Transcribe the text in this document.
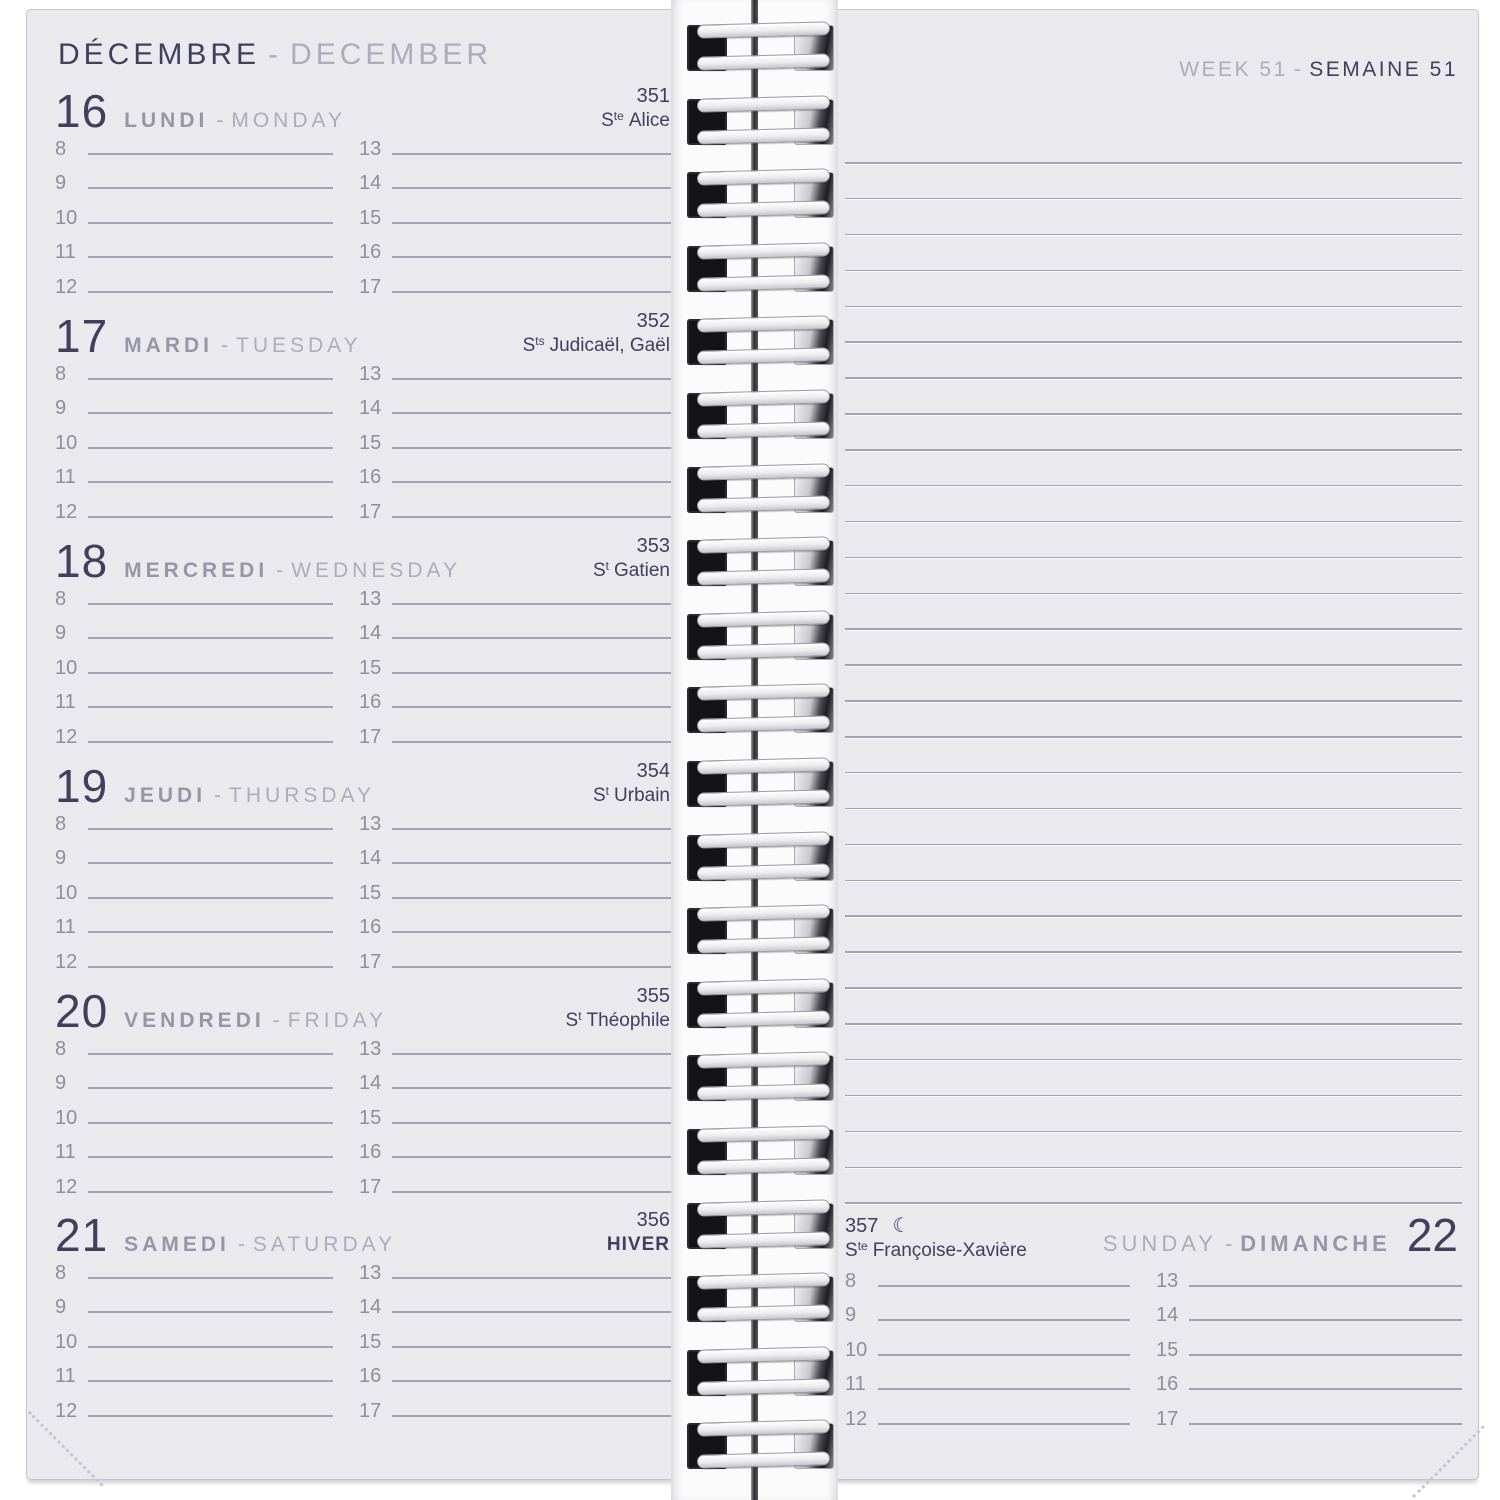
DÉCEMBRE - DECEMBER	WEEK 51 - SEMAINE 51
16 LUNDI - MONDAY
351
$S^{te}$ Alice
8
9
10
11
12
13
14
15
16
17
17 MARDI - TUESDAY
352
$S^{ts}$ Judicaël, Gaël
8
9
10
11
12
13
14
15
16
17
18 MERCREDI - WEDNESDAY
353
$S^t$ Gatien
8
9
10
11
12
13
14
15
16
17
19 JEUDI - THURSDAY
354
$S^t$ Urbain
8
9
10
11
12
13
14
15
16
17
20 VENDREDI - FRIDAY
355
$S^t$ Théophile
8
9
10
11
12
13
14
15
16
17
21 SAMEDI - SATURDAY
356
HIVER
8
9
10
11
12
13
14
15
16
17
357 ☾
$S^{te}$ Françoise-Xavière	SUNDAY - DIMANCHE 22
8
9
10
11
12
13
14
15
16
17
